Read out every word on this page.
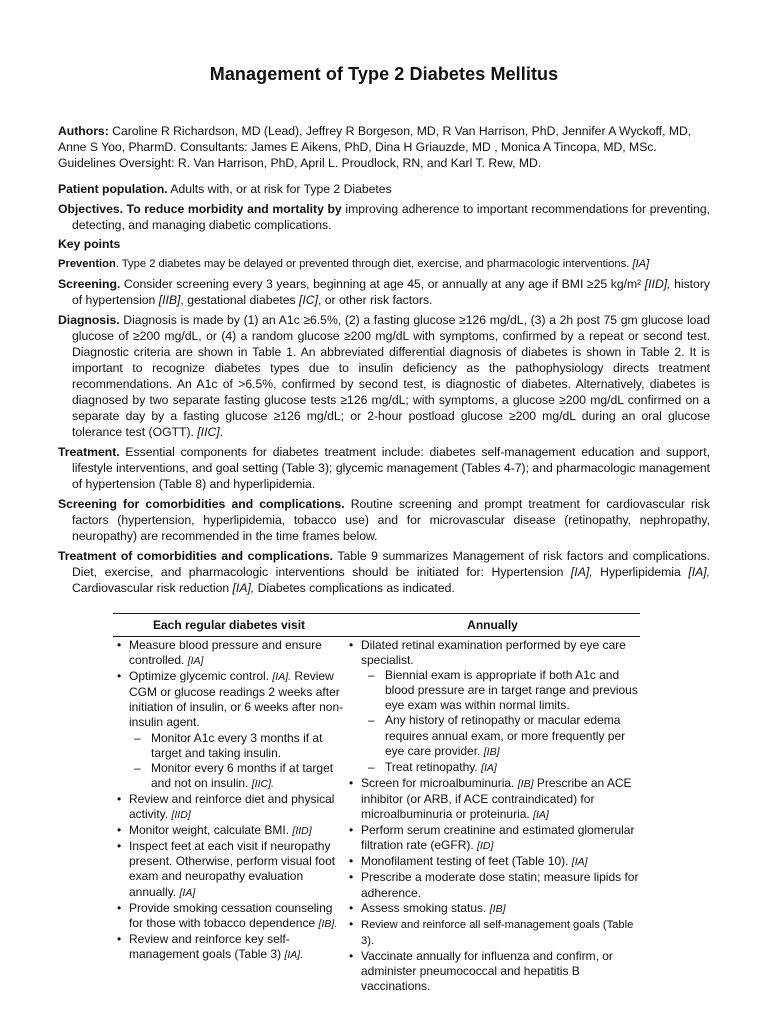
Management of Type 2 Diabetes Mellitus
Authors: Caroline R Richardson, MD (Lead), Jeffrey R Borgeson, MD, R Van Harrison, PhD, Jennifer A Wyckoff, MD, Anne S Yoo, PharmD. Consultants: James E Aikens, PhD, Dina H Griauzde, MD , Monica A Tincopa, MD, MSc. Guidelines Oversight: R. Van Harrison, PhD, April L. Proudlock, RN, and Karl T. Rew, MD.
Patient population. Adults with, or at risk for Type 2 Diabetes
Objectives. To reduce morbidity and mortality by improving adherence to important recommendations for preventing, detecting, and managing diabetic complications.
Key points
Prevention. Type 2 diabetes may be delayed or prevented through diet, exercise, and pharmacologic interventions. [IA]
Screening. Consider screening every 3 years, beginning at age 45, or annually at any age if BMI ≥25 kg/m² [IID], history of hypertension [IIB], gestational diabetes [IC], or other risk factors.
Diagnosis. Diagnosis is made by (1) an A1c ≥6.5%, (2) a fasting glucose ≥126 mg/dL, (3) a 2h post 75 gm glucose load glucose of ≥200 mg/dL, or (4) a random glucose ≥200 mg/dL with symptoms, confirmed by a repeat or second test. Diagnostic criteria are shown in Table 1. An abbreviated differential diagnosis of diabetes is shown in Table 2. It is important to recognize diabetes types due to insulin deficiency as the pathophysiology directs treatment recommendations. An A1c of >6.5%, confirmed by second test, is diagnostic of diabetes. Alternatively, diabetes is diagnosed by two separate fasting glucose tests ≥126 mg/dL; with symptoms, a glucose ≥200 mg/dL confirmed on a separate day by a fasting glucose ≥126 mg/dL; or 2-hour postload glucose ≥200 mg/dL during an oral glucose tolerance test (OGTT). [IIC].
Treatment. Essential components for diabetes treatment include: diabetes self-management education and support, lifestyle interventions, and goal setting (Table 3); glycemic management (Tables 4-7); and pharmacologic management of hypertension (Table 8) and hyperlipidemia.
Screening for comorbidities and complications. Routine screening and prompt treatment for cardiovascular risk factors (hypertension, hyperlipidemia, tobacco use) and for microvascular disease (retinopathy, nephropathy, neuropathy) are recommended in the time frames below.
Treatment of comorbidities and complications. Table 9 summarizes Management of risk factors and complications. Diet, exercise, and pharmacologic interventions should be initiated for: Hypertension [IA], Hyperlipidemia [IA], Cardiovascular risk reduction [IA], Diabetes complications as indicated.
Each regular diabetes visit	Annually
• Measure blood pressure and ensure controlled. [IA]
• Optimize glycemic control. [IA]. Review CGM or glucose readings 2 weeks after initiation of insulin, or 6 weeks after non-insulin agent.
– Monitor A1c every 3 months if at target and taking insulin.
– Monitor every 6 months if at target and not on insulin. [IIC].
• Review and reinforce diet and physical activity. [IID]
• Monitor weight, calculate BMI. [IID]
• Inspect feet at each visit if neuropathy present. Otherwise, perform visual foot exam and neuropathy evaluation annually. [IA]
• Provide smoking cessation counseling for those with tobacco dependence [IB].
• Review and reinforce key self-management goals (Table 3) [IA].
• Dilated retinal examination performed by eye care specialist.
– Biennial exam is appropriate if both A1c and blood pressure are in target range and previous eye exam was within normal limits.
– Any history of retinopathy or macular edema requires annual exam, or more frequently per eye care provider. [IB]
– Treat retinopathy. [IA]
• Screen for microalbuminuria. [IB] Prescribe an ACE inhibitor (or ARB, if ACE contraindicated) for microalbuminuria or proteinuria. [IA]
• Perform serum creatinine and estimated glomerular filtration rate (eGFR). [ID]
• Monofilament testing of feet (Table 10). [IA]
• Prescribe a moderate dose statin; measure lipids for adherence.
• Assess smoking status. [IB]
• Review and reinforce all self-management goals (Table 3).
• Vaccinate annually for influenza and confirm, or administer pneumococcal and hepatitis B vaccinations.
